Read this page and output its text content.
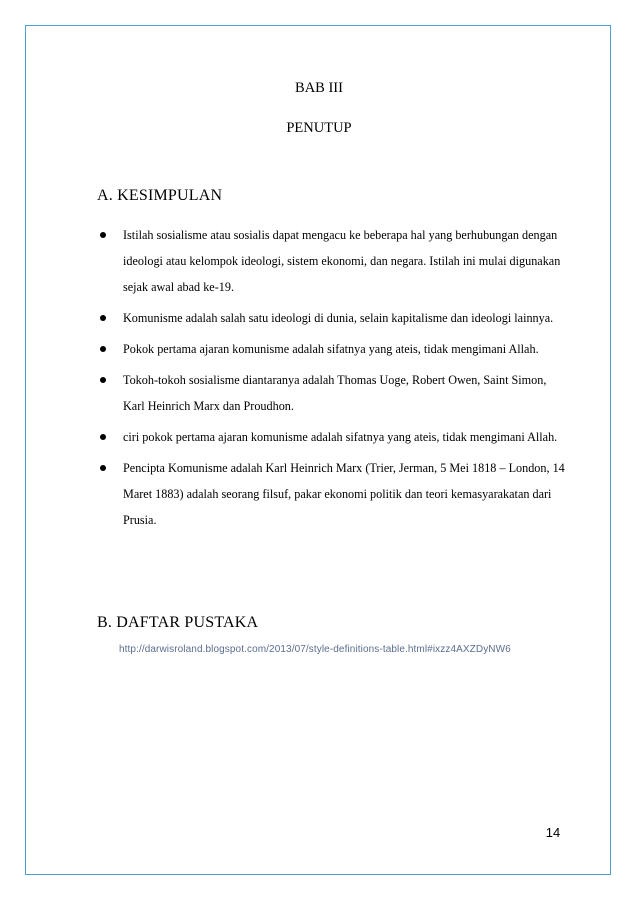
BAB III
PENUTUP
A. KESIMPULAN
Istilah sosialisme atau sosialis dapat mengacu ke beberapa hal yang berhubungan dengan ideologi atau kelompok ideologi, sistem ekonomi, dan negara. Istilah ini mulai digunakan sejak awal abad ke-19.
Komunisme adalah salah satu ideologi di dunia, selain kapitalisme dan ideologi lainnya.
Pokok pertama ajaran komunisme adalah sifatnya yang ateis, tidak mengimani Allah.
Tokoh-tokoh sosialisme diantaranya adalah Thomas Uoge, Robert Owen, Saint Simon, Karl Heinrich Marx dan Proudhon.
ciri pokok pertama ajaran komunisme adalah sifatnya yang ateis, tidak mengimani Allah.
Pencipta Komunisme adalah Karl Heinrich Marx (Trier, Jerman, 5 Mei 1818 – London, 14 Maret 1883) adalah seorang filsuf, pakar ekonomi politik dan teori kemasyarakatan dari Prusia.
B. DAFTAR PUSTAKA
http://darwisroland.blogspot.com/2013/07/style-definitions-table.html#ixzz4AXZDyNW6
14
